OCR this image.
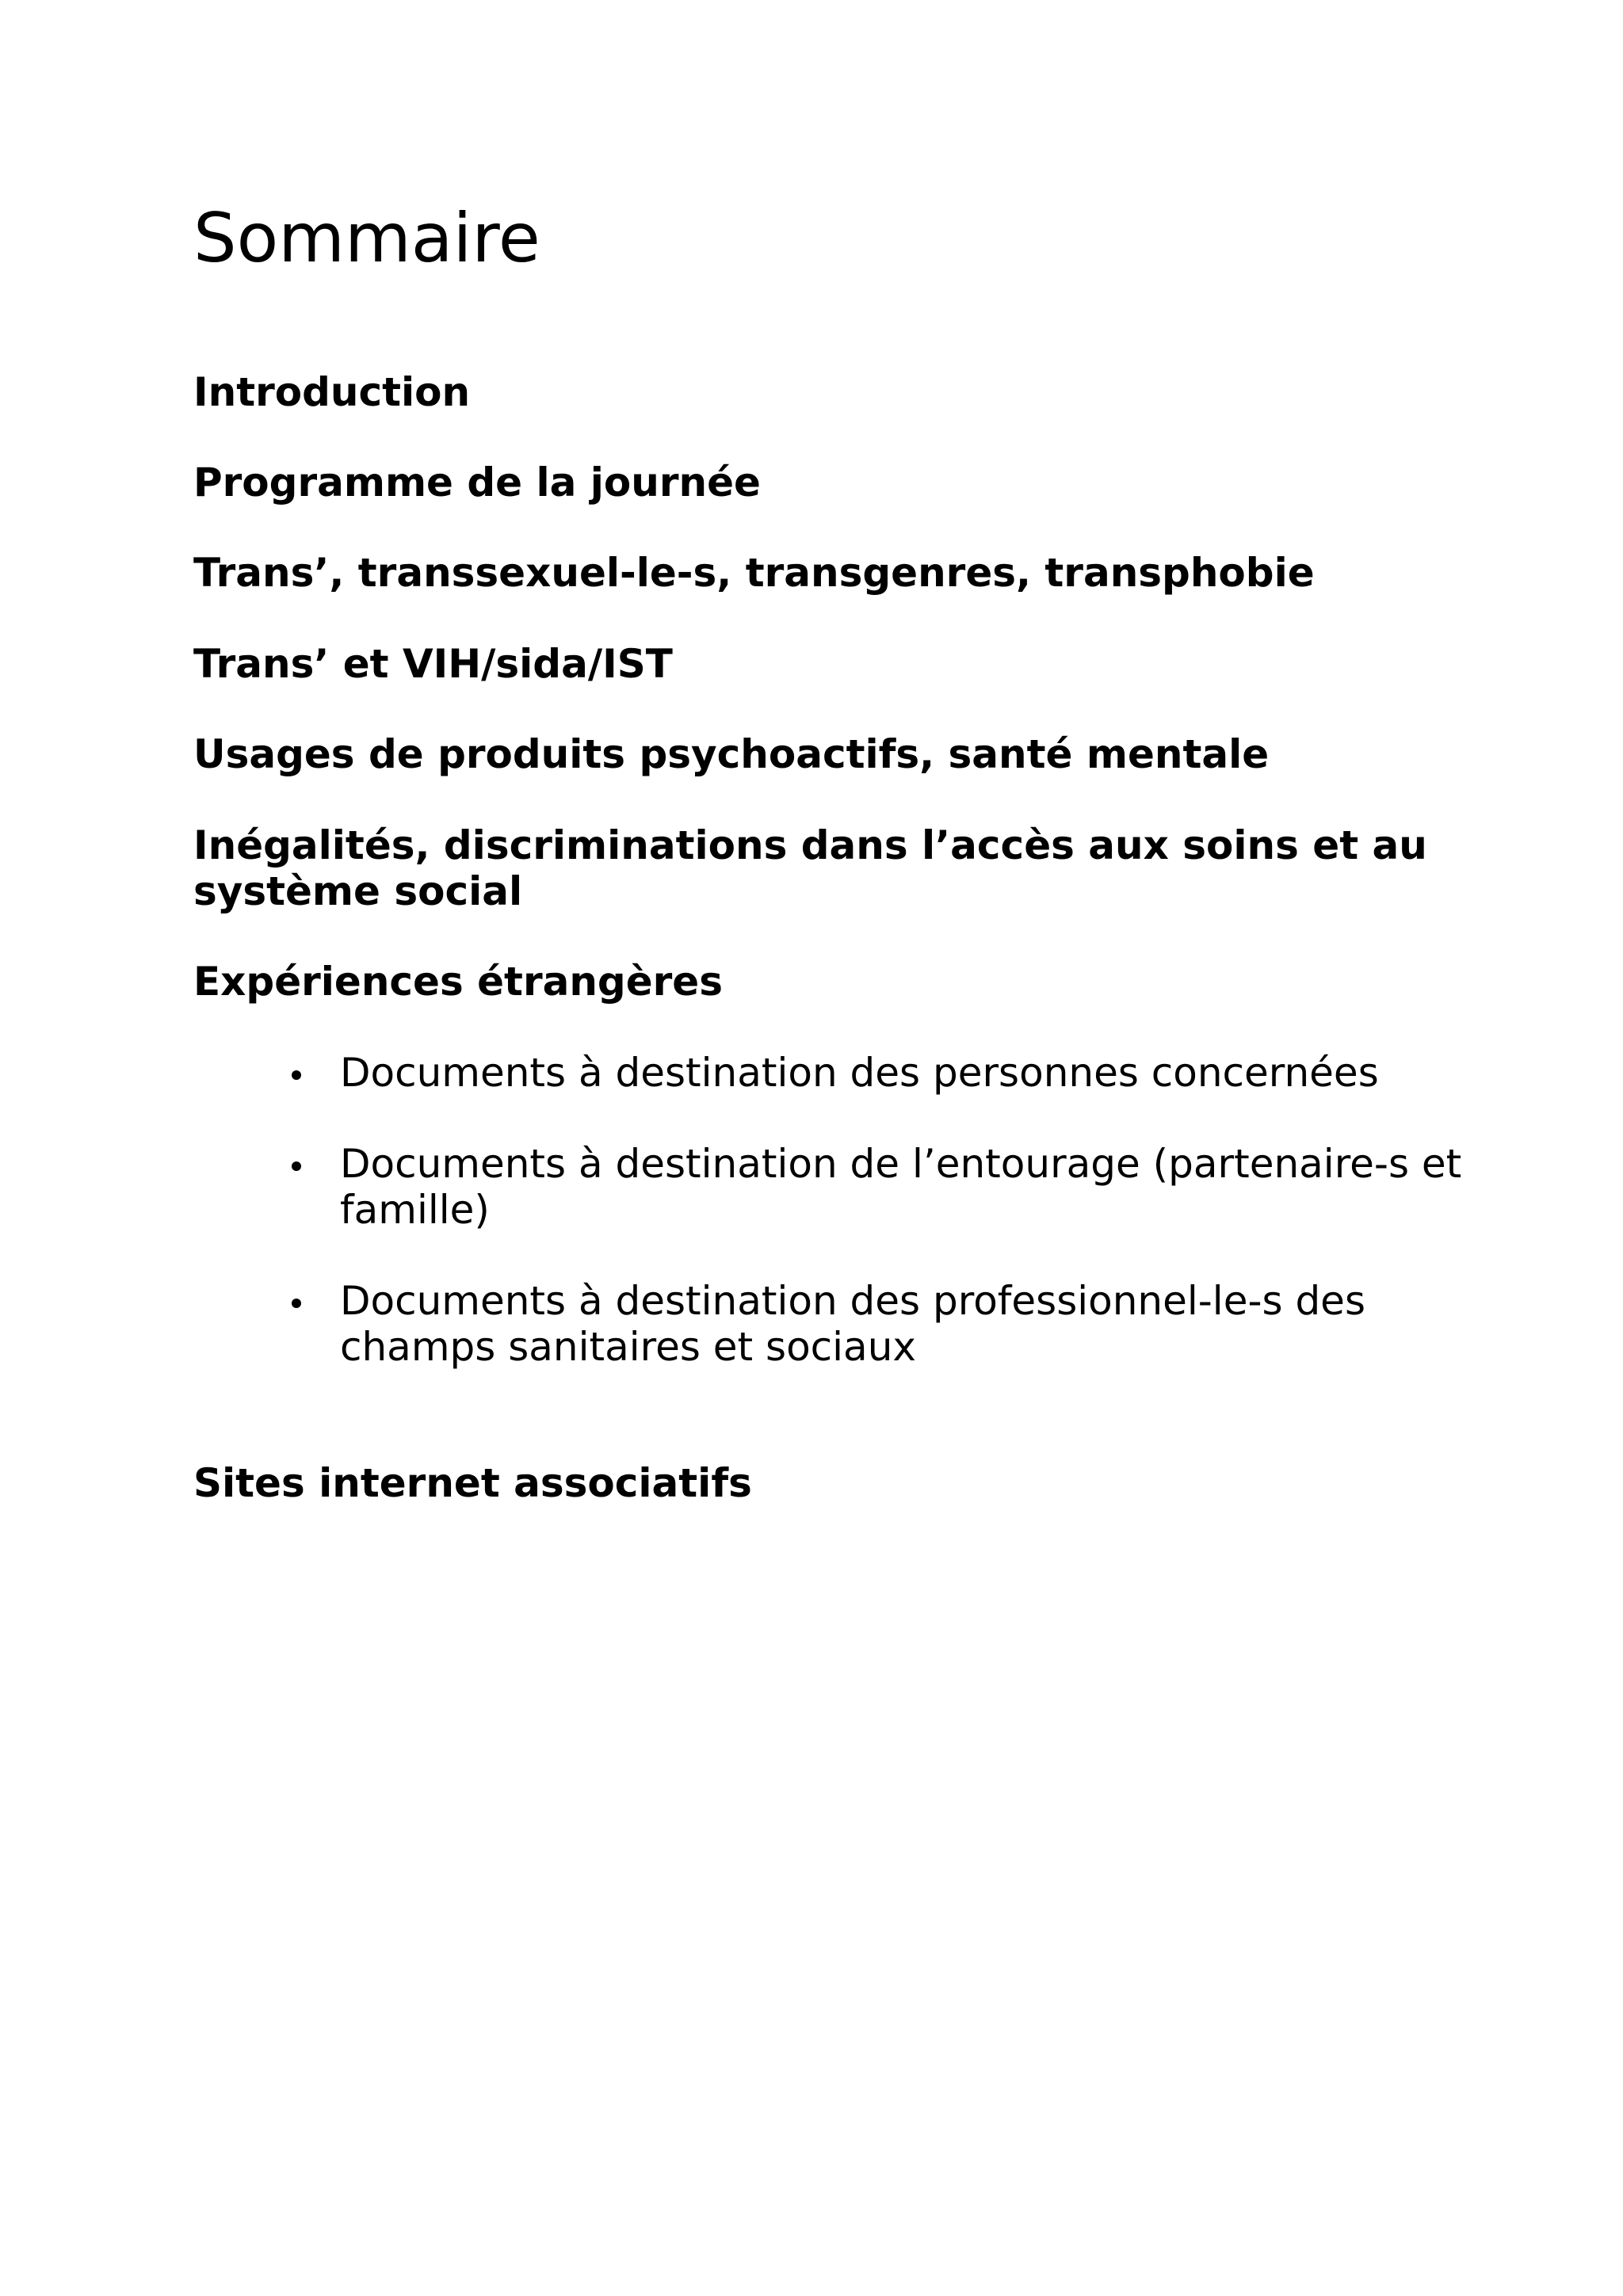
Sommaire

Introduction

Programme de la journée

Trans’, transsexuel-le-s, transgenres, transphobie

Trans’ et VIH/sida/IST

Usages de produits psychoactifs, santé mentale

Inégalités, discriminations dans l’accès aux soins et au

système social

Expériences étrangères

Documents à destination des personnes concernées

Documents à destination de l’entourage (partenaire-s et

famille)

Documents à destination des professionnel-le-s des

champs sanitaires et sociaux

Sites internet associatifs
